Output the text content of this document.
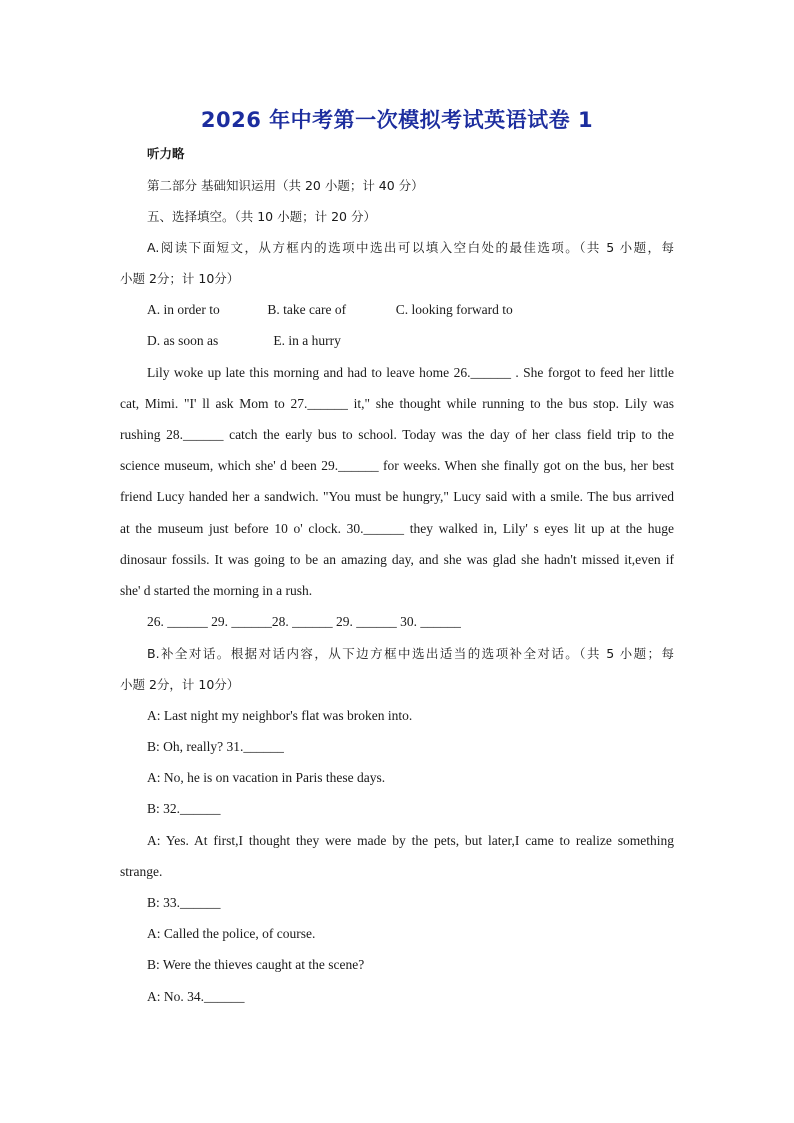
2026 年中考第一次模拟考试英语试卷 1
听力略
第二部分 基础知识运用（共 20 小题；计 40 分）
五、选择填空。（共 10 小题；计 20 分）
A.阅读下面短文，从方框内的选项中选出可以填入空白处的最佳选项。（共 5 小题，每
小题 2分；计 10分）
A. in order to	B. take care of	C. looking forward to
D. as soon as	E. in a hurry
Lily woke up late this morning and had to leave home 26.______ . She forgot to feed her little
cat, Mimi. "I' ll ask Mom to 27.______ it," she thought while running to the bus stop. Lily was
rushing 28.______ catch the early bus to school. Today was the day of her class field trip to the
science museum, which she' d been 29.______ for weeks. When she finally got on the bus, her best
friend Lucy handed her a sandwich. "You must be hungry," Lucy said with a smile. The bus arrived
at the museum just before 10 o' clock. 30.______ they walked in, Lily' s eyes lit up at the huge
dinosaur fossils. It was going to be an amazing day, and she was glad she hadn't missed it,even if
she' d started the morning in a rush.
26. ______ 29. ______28. ______ 29. ______ 30. ______
B.补全对话。根据对话内容，从下边方框中选出适当的选项补全对话。（共 5 小题；每
小题 2分，计 10分）
A: Last night my neighbor's flat was broken into.
B: Oh, really? 31.______
A: No, he is on vacation in Paris these days.
B: 32.______
A: Yes. At first,I thought they were made by the pets, but later,I came to realize something
strange.
B: 33.______
A: Called the police, of course.
B: Were the thieves caught at the scene?
A: No. 34.______
